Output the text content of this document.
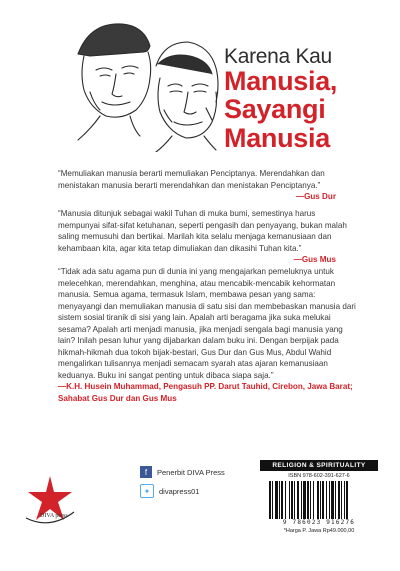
Karena Kau
Manusia,
Sayangi
Manusia

“Memuliakan manusia berarti memuliakan Penciptanya. Merendahkan dan menistakan manusia berarti merendahkan dan menistakan Penciptanya.”

—Gus Dur

“Manusia ditunjuk sebagai wakil Tuhan di muka bumi, semestinya harus mempunyai sifat-sifat ketuhanan, seperti pengasih dan penyayang, bukan malah saling memusuhi dan bertikai. Marilah kita selalu menjaga kemanusiaan dan kehambaan kita, agar kita tetap dimuliakan dan dikasihi Tuhan kita.”

—Gus Mus

“Tidak ada satu agama pun di dunia ini yang mengajarkan pemeluknya untuk melecehkan, merendahkan, menghina, atau mencabik-mencabik kehormatan manusia. Semua agama, termasuk Islam, membawa pesan yang sama: menyayangi dan memuliakan manusia di satu sisi dan membebaskan manusia dari sistem sosial tiranik di sisi yang lain. Apalah arti beragama jika suka melukai sesama? Apalah arti menjadi manusia, jika menjadi sengala bagi manusia yang lain? Inilah pesan luhur yang dijabarkan dalam buku ini. Dengan berpijak pada hikmah-hikmah dua tokoh bijak-bestari, Gus Dur dan Gus Mus, Abdul Wahid mengalirkan tulisannya menjadi semacam syarah atas ajaran kemanusiaan keduanya. Buku ini sangat penting untuk dibaca siapa saja.”

—K.H. Husein Muhammad, Pengasuh PP. Darut Tauhid, Cirebon, Jawa Barat; Sahabat Gus Dur dan Gus Mus

DIVA press
f	Penerbit DIVA Press
✦	divapress01
RELIGION & SPIRITUALITY
ISBN 978-602-391-627-6
9 786023 916276
*Harga P. Jawa Rp49.000,00
